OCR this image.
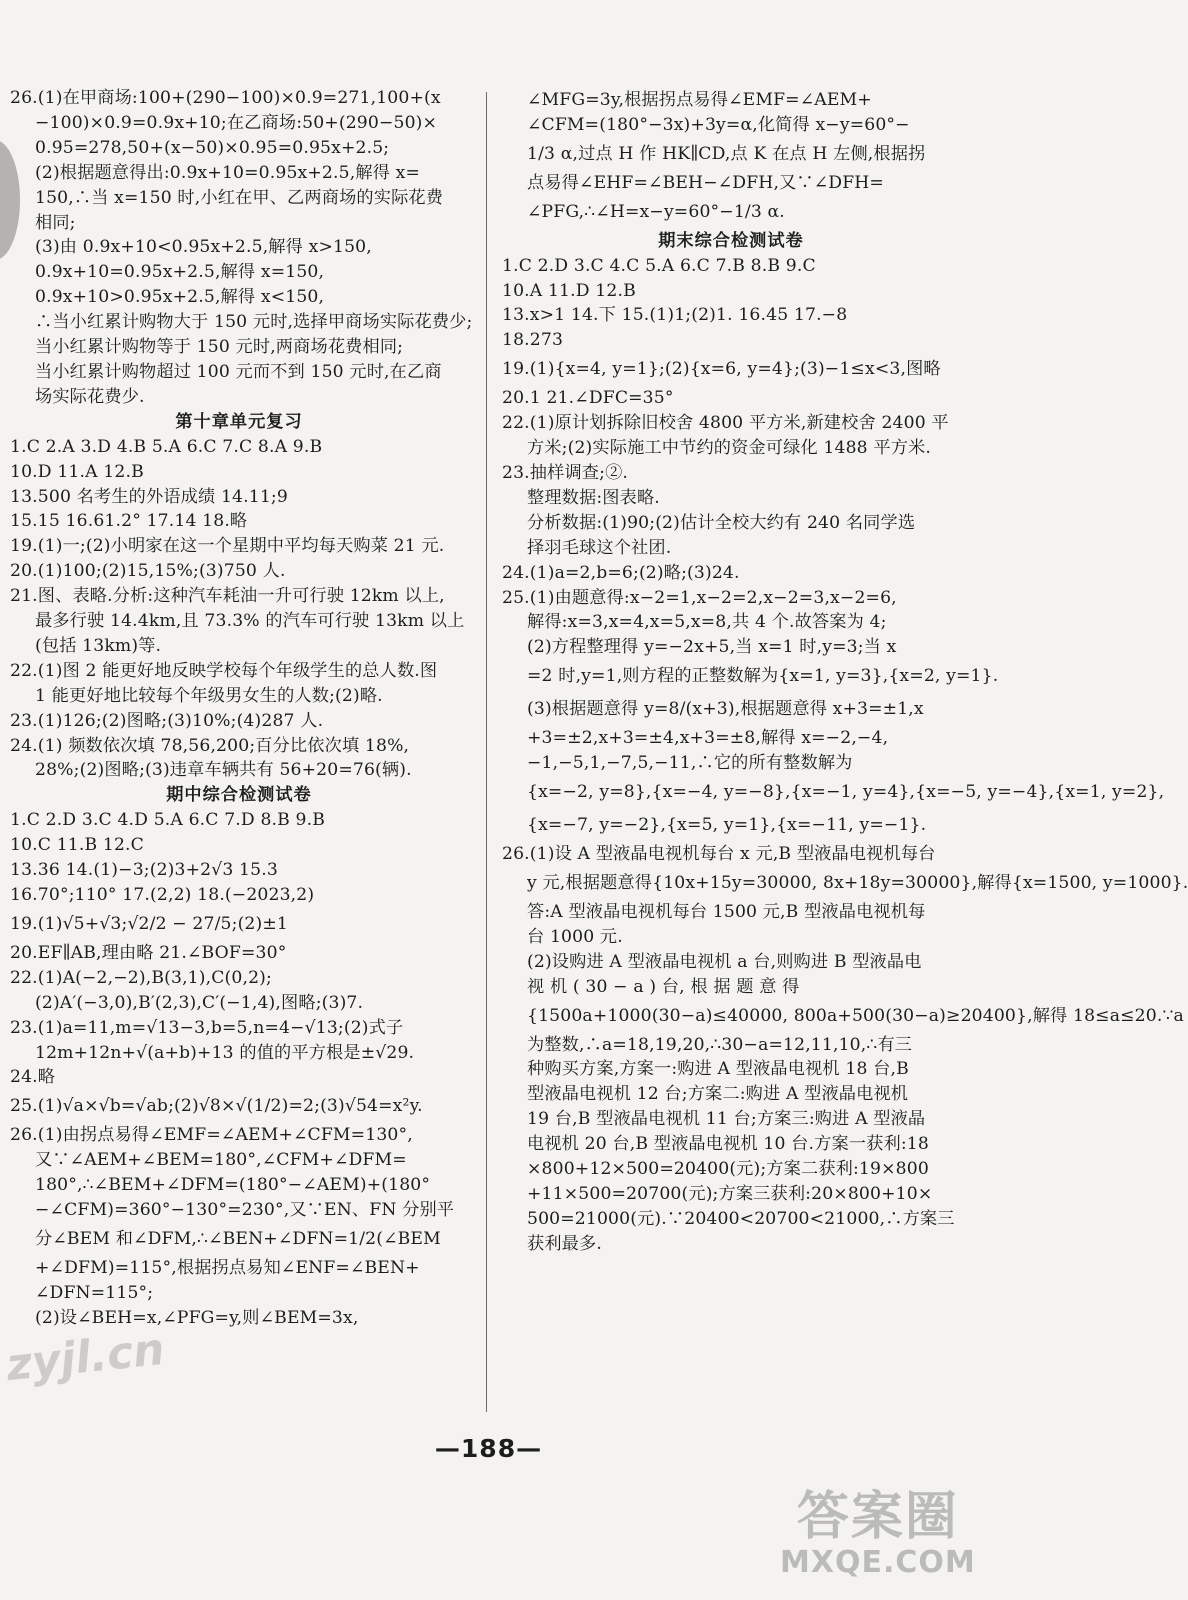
26.(1)在甲商场:100+(290−100)×0.9=271,100+(x
−100)×0.9=0.9x+10;在乙商场:50+(290−50)×
0.95=278,50+(x−50)×0.95=0.95x+2.5;
(2)根据题意得出:0.9x+10=0.95x+2.5,解得 x=
150,∴当 x=150 时,小红在甲、乙两商场的实际花费
相同;
(3)由 0.9x+10<0.95x+2.5,解得 x>150,
0.9x+10=0.95x+2.5,解得 x=150,
0.9x+10>0.95x+2.5,解得 x<150,
∴当小红累计购物大于 150 元时,选择甲商场实际花费少;
当小红累计购物等于 150 元时,两商场花费相同;
当小红累计购物超过 100 元而不到 150 元时,在乙商
场实际花费少.
第十章单元复习
1.C 2.A 3.D 4.B 5.A 6.C 7.C 8.A 9.B
10.D 11.A 12.B
13.500 名考生的外语成绩 14.11;9
15.15 16.61.2° 17.14 18.略
19.(1)一;(2)小明家在这一个星期中平均每天购菜 21 元.
20.(1)100;(2)15,15%;(3)750 人.
21.图、表略.分析:这种汽车耗油一升可行驶 12km 以上,
最多行驶 14.4km,且 73.3% 的汽车可行驶 13km 以上
(包括 13km)等.
22.(1)图 2 能更好地反映学校每个年级学生的总人数.图
1 能更好地比较每个年级男女生的人数;(2)略.
23.(1)126;(2)图略;(3)10%;(4)287 人.
24.(1) 频数依次填 78,56,200;百分比依次填 18%,
28%;(2)图略;(3)违章车辆共有 56+20=76(辆).
期中综合检测试卷
1.C 2.D 3.C 4.D 5.A 6.C 7.D 8.B 9.B
10.C 11.B 12.C
13.36 14.(1)−3;(2)3+2√3 15.3
16.70°;110° 17.(2,2) 18.(−2023,2)
19.(1)√5+√3;√2/2 − 27/5;(2)±1
20.EF∥AB,理由略 21.∠BOF=30°
22.(1)A(−2,−2),B(3,1),C(0,2);
(2)A′(−3,0),B′(2,3),C′(−1,4),图略;(3)7.
23.(1)a=11,m=√13−3,b=5,n=4−√13;(2)式子
12m+12n+√(a+b)+13 的值的平方根是±√29.
24.略
25.(1)√a×√b=√ab;(2)√8×√(1/2)=2;(3)√54=x²y.
26.(1)由拐点易得∠EMF=∠AEM+∠CFM=130°,
又∵∠AEM+∠BEM=180°,∠CFM+∠DFM=
180°,∴∠BEM+∠DFM=(180°−∠AEM)+(180°
−∠CFM)=360°−130°=230°,又∵EN、FN 分别平
分∠BEM 和∠DFM,∴∠BEN+∠DFN=1/2(∠BEM
+∠DFM)=115°,根据拐点易知∠ENF=∠BEN+
∠DFN=115°;
(2)设∠BEH=x,∠PFG=y,则∠BEM=3x,
∠MFG=3y,根据拐点易得∠EMF=∠AEM+
∠CFM=(180°−3x)+3y=α,化简得 x−y=60°−
1/3 α,过点 H 作 HK∥CD,点 K 在点 H 左侧,根据拐
点易得∠EHF=∠BEH−∠DFH,又∵∠DFH=
∠PFG,∴∠H=x−y=60°−1/3 α.
期末综合检测试卷
1.C 2.D 3.C 4.C 5.A 6.C 7.B 8.B 9.C
10.A 11.D 12.B
13.x>1 14.下 15.(1)1;(2)1. 16.45 17.−8
18.273
19.(1){x=4, y=1};(2){x=6, y=4};(3)−1≤x<3,图略
20.1 21.∠DFC=35°
22.(1)原计划拆除旧校舍 4800 平方米,新建校舍 2400 平
方米;(2)实际施工中节约的资金可绿化 1488 平方米.
23.抽样调查;②.
整理数据:图表略.
分析数据:(1)90;(2)估计全校大约有 240 名同学选
择羽毛球这个社团.
24.(1)a=2,b=6;(2)略;(3)24.
25.(1)由题意得:x−2=1,x−2=2,x−2=3,x−2=6,
解得:x=3,x=4,x=5,x=8,共 4 个.故答案为 4;
(2)方程整理得 y=−2x+5,当 x=1 时,y=3;当 x
=2 时,y=1,则方程的正整数解为{x=1, y=3},{x=2, y=1}.
(3)根据题意得 y=8/(x+3),根据题意得 x+3=±1,x
+3=±2,x+3=±4,x+3=±8,解得 x=−2,−4,
−1,−5,1,−7,5,−11,∴它的所有整数解为
{x=−2, y=8},{x=−4, y=−8},{x=−1, y=4},{x=−5, y=−4},{x=1, y=2},
{x=−7, y=−2},{x=5, y=1},{x=−11, y=−1}.
26.(1)设 A 型液晶电视机每台 x 元,B 型液晶电视机每台
y 元,根据题意得{10x+15y=30000, 8x+18y=30000},解得{x=1500, y=1000}.
答:A 型液晶电视机每台 1500 元,B 型液晶电视机每
台 1000 元.
(2)设购进 A 型液晶电视机 a 台,则购进 B 型液晶电
视 机 ( 30 − a ) 台, 根 据 题 意 得
{1500a+1000(30−a)≤40000, 800a+500(30−a)≥20400},解得 18≤a≤20.∵a
为整数,∴a=18,19,20,∴30−a=12,11,10,∴有三
种购买方案,方案一:购进 A 型液晶电视机 18 台,B
型液晶电视机 12 台;方案二:购进 A 型液晶电视机
19 台,B 型液晶电视机 11 台;方案三:购进 A 型液晶
电视机 20 台,B 型液晶电视机 10 台.方案一获利:18
×800+12×500=20400(元);方案二获利:19×800
+11×500=20700(元);方案三获利:20×800+10×
500=21000(元).∵20400<20700<21000,∴方案三
获利最多.
—188—
zyjl.cn
答案圈
MXQE.COM
